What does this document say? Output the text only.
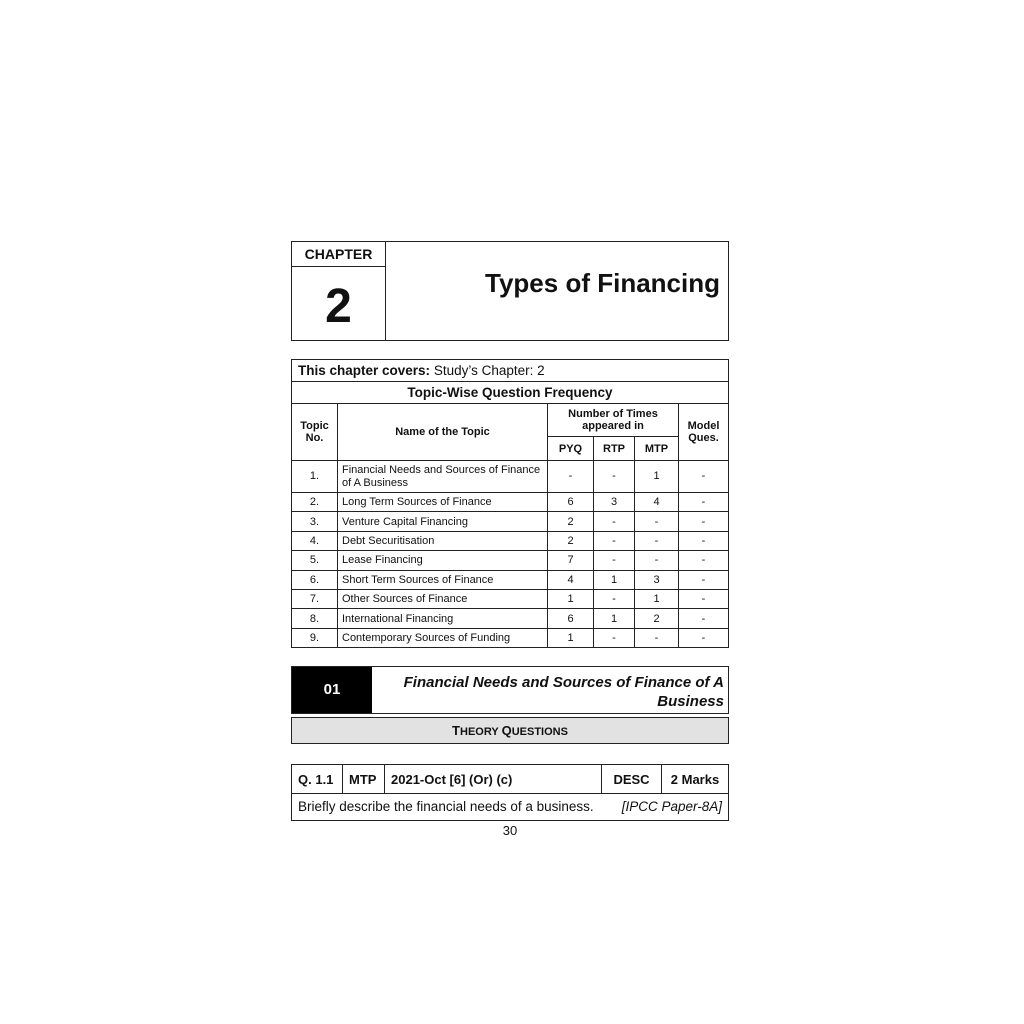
CHAPTER
2	Types of Financing
This chapter covers: Study’s Chapter: 2
Topic-Wise Question Frequency
Topic No.	Name of the Topic	Number of Times appeared in			Model Ques.
		PYQ	RTP	MTP	
1.	Financial Needs and Sources of Finance of A Business	-	-	1	-
2.	Long Term Sources of Finance	6	3	4	-
3.	Venture Capital Financing	2	-	-	-
4.	Debt Securitisation	2	-	-	-
5.	Lease Financing	7	-	-	-
6.	Short Term Sources of Finance	4	1	3	-
7.	Other Sources of Finance	1	-	1	-
8.	International Financing	6	1	2	-
9.	Contemporary Sources of Funding	1	-	-	-
01	Financial Needs and Sources of Finance of A Business
THEORY QUESTIONS
Q. 1.1	MTP	2021-Oct [6] (Or) (c)	DESC	2 Marks
Briefly describe the financial needs of a business. [IPCC Paper-8A]
30
